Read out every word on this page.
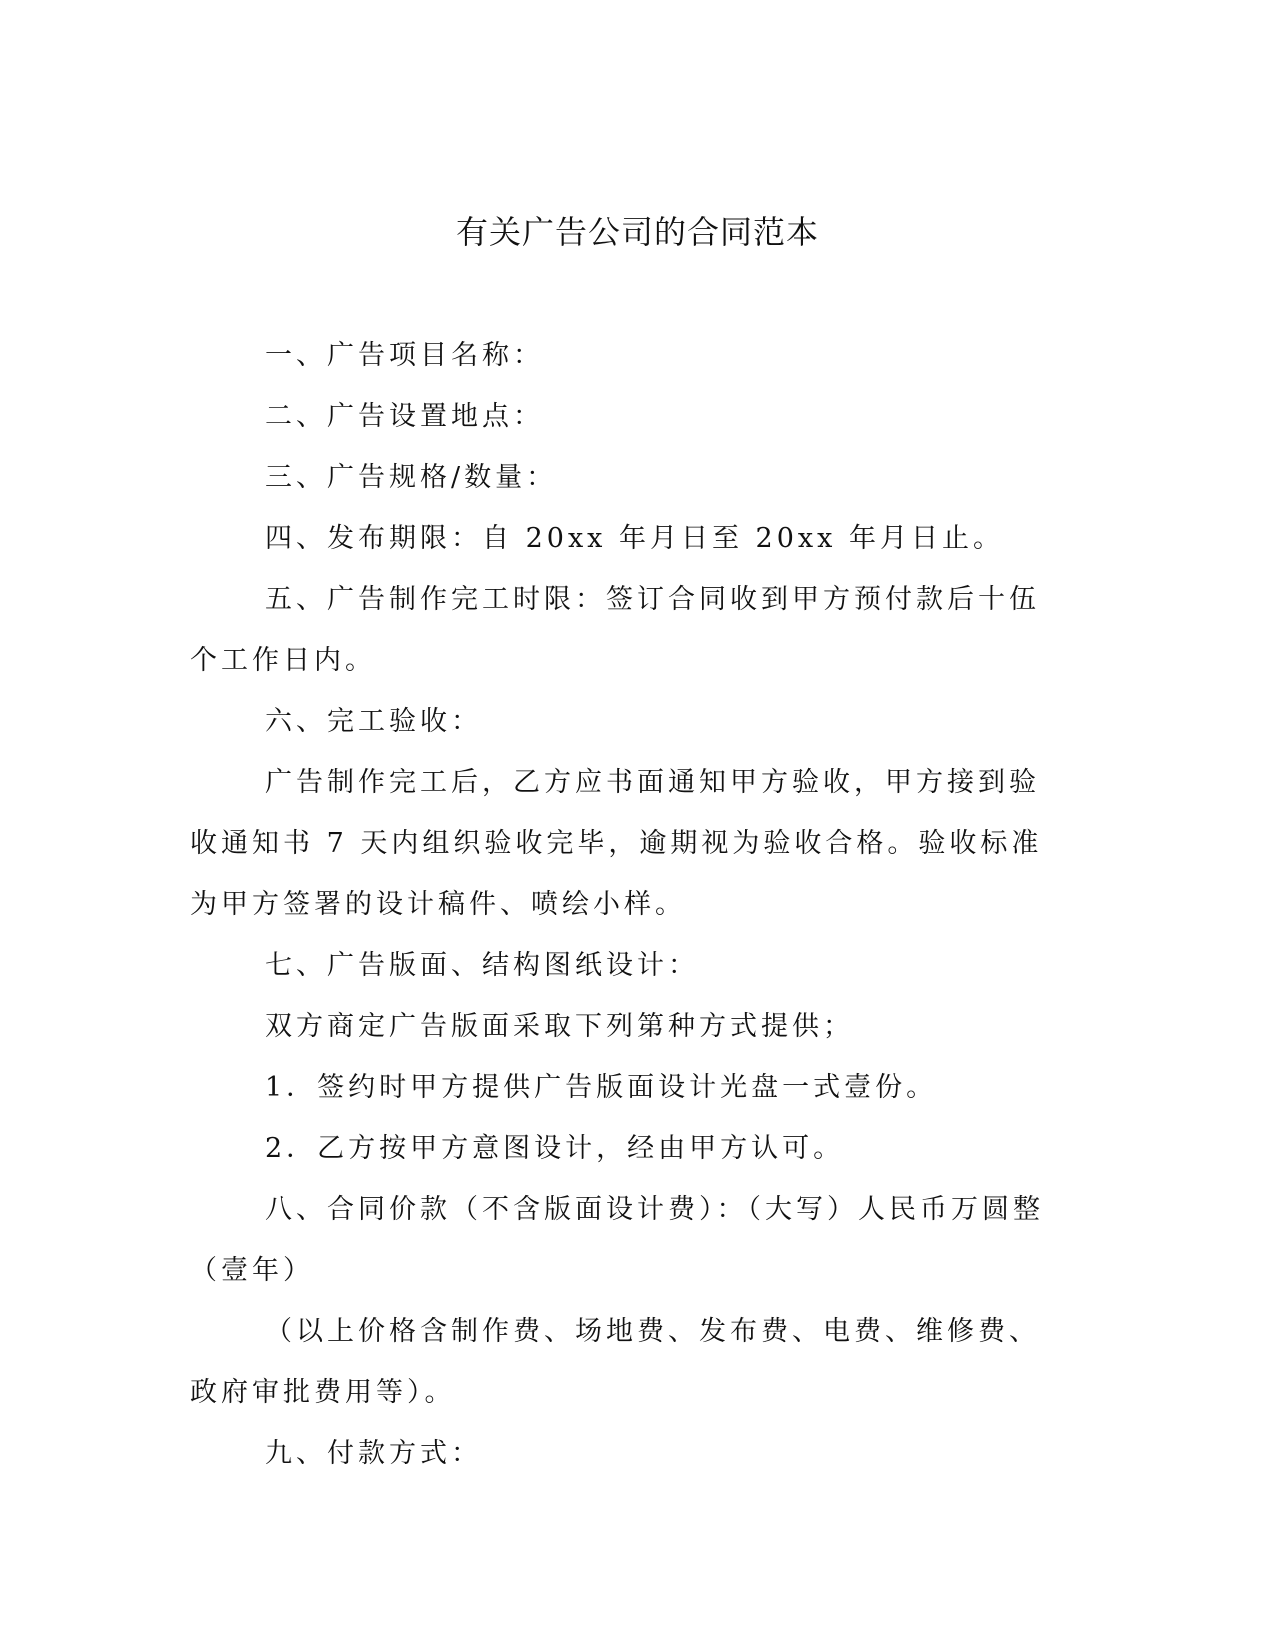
有关广告公司的合同范本

一、广告项目名称：

二、广告设置地点：

三、广告规格/数量：

四、发布期限：自 20xx 年月日至 20xx 年月日止。

五、广告制作完工时限：签订合同收到甲方预付款后十伍个工作日内。

六、完工验收：

广告制作完工后，乙方应书面通知甲方验收，甲方接到验收通知书 7 天内组织验收完毕，逾期视为验收合格。验收标准为甲方签署的设计稿件、喷绘小样。

七、广告版面、结构图纸设计：

双方商定广告版面采取下列第种方式提供；

1．签约时甲方提供广告版面设计光盘一式壹份。

2．乙方按甲方意图设计，经由甲方认可。

八、合同价款（不含版面设计费）：（大写）人民币万圆整（壹年）

（以上价格含制作费、场地费、发布费、电费、维修费、政府审批费用等）。

九、付款方式：
